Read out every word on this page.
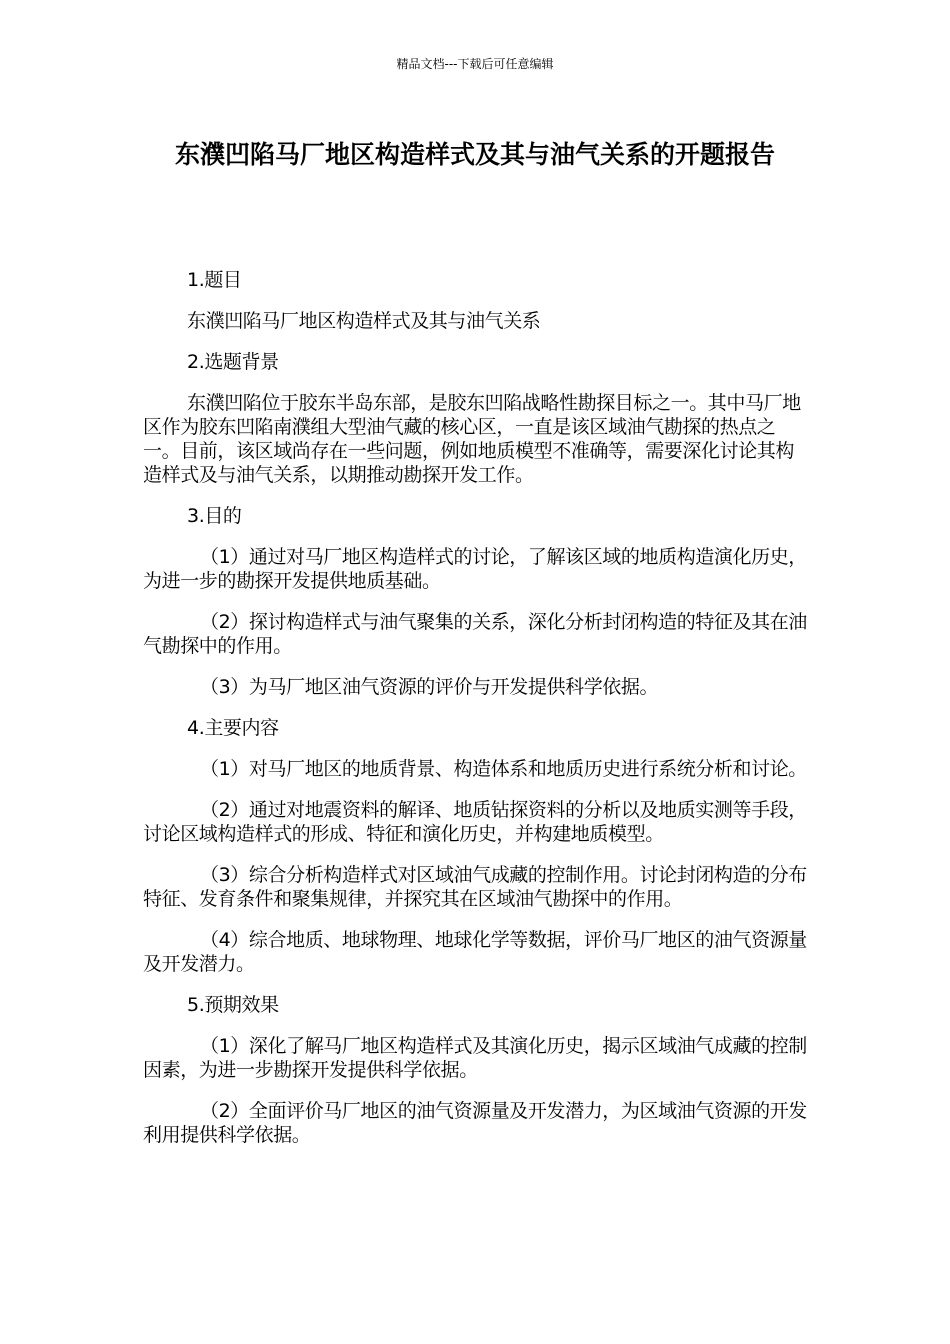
精品文档---下载后可任意编辑
东濮凹陷马厂地区构造样式及其与油气关系的开题报告

1.题目

东濮凹陷马厂地区构造样式及其与油气关系

2.选题背景

东濮凹陷位于胶东半岛东部，是胶东凹陷战略性勘探目标之一。其中马厂地区作为胶东凹陷南濮组大型油气藏的核心区，一直是该区域油气勘探的热点之一。目前，该区域尚存在一些问题，例如地质模型不准确等，需要深化讨论其构造样式及与油气关系，以期推动勘探开发工作。

3.目的

（1）通过对马厂地区构造样式的讨论，了解该区域的地质构造演化历史，为进一步的勘探开发提供地质基础。

（2）探讨构造样式与油气聚集的关系，深化分析封闭构造的特征及其在油气勘探中的作用。

（3）为马厂地区油气资源的评价与开发提供科学依据。

4.主要内容

（1）对马厂地区的地质背景、构造体系和地质历史进行系统分析和讨论。

（2）通过对地震资料的解译、地质钻探资料的分析以及地质实测等手段，讨论区域构造样式的形成、特征和演化历史，并构建地质模型。

（3）综合分析构造样式对区域油气成藏的控制作用。讨论封闭构造的分布特征、发育条件和聚集规律，并探究其在区域油气勘探中的作用。

（4）综合地质、地球物理、地球化学等数据，评价马厂地区的油气资源量及开发潜力。

5.预期效果

（1）深化了解马厂地区构造样式及其演化历史，揭示区域油气成藏的控制因素，为进一步勘探开发提供科学依据。

（2）全面评价马厂地区的油气资源量及开发潜力，为区域油气资源的开发利用提供科学依据。
